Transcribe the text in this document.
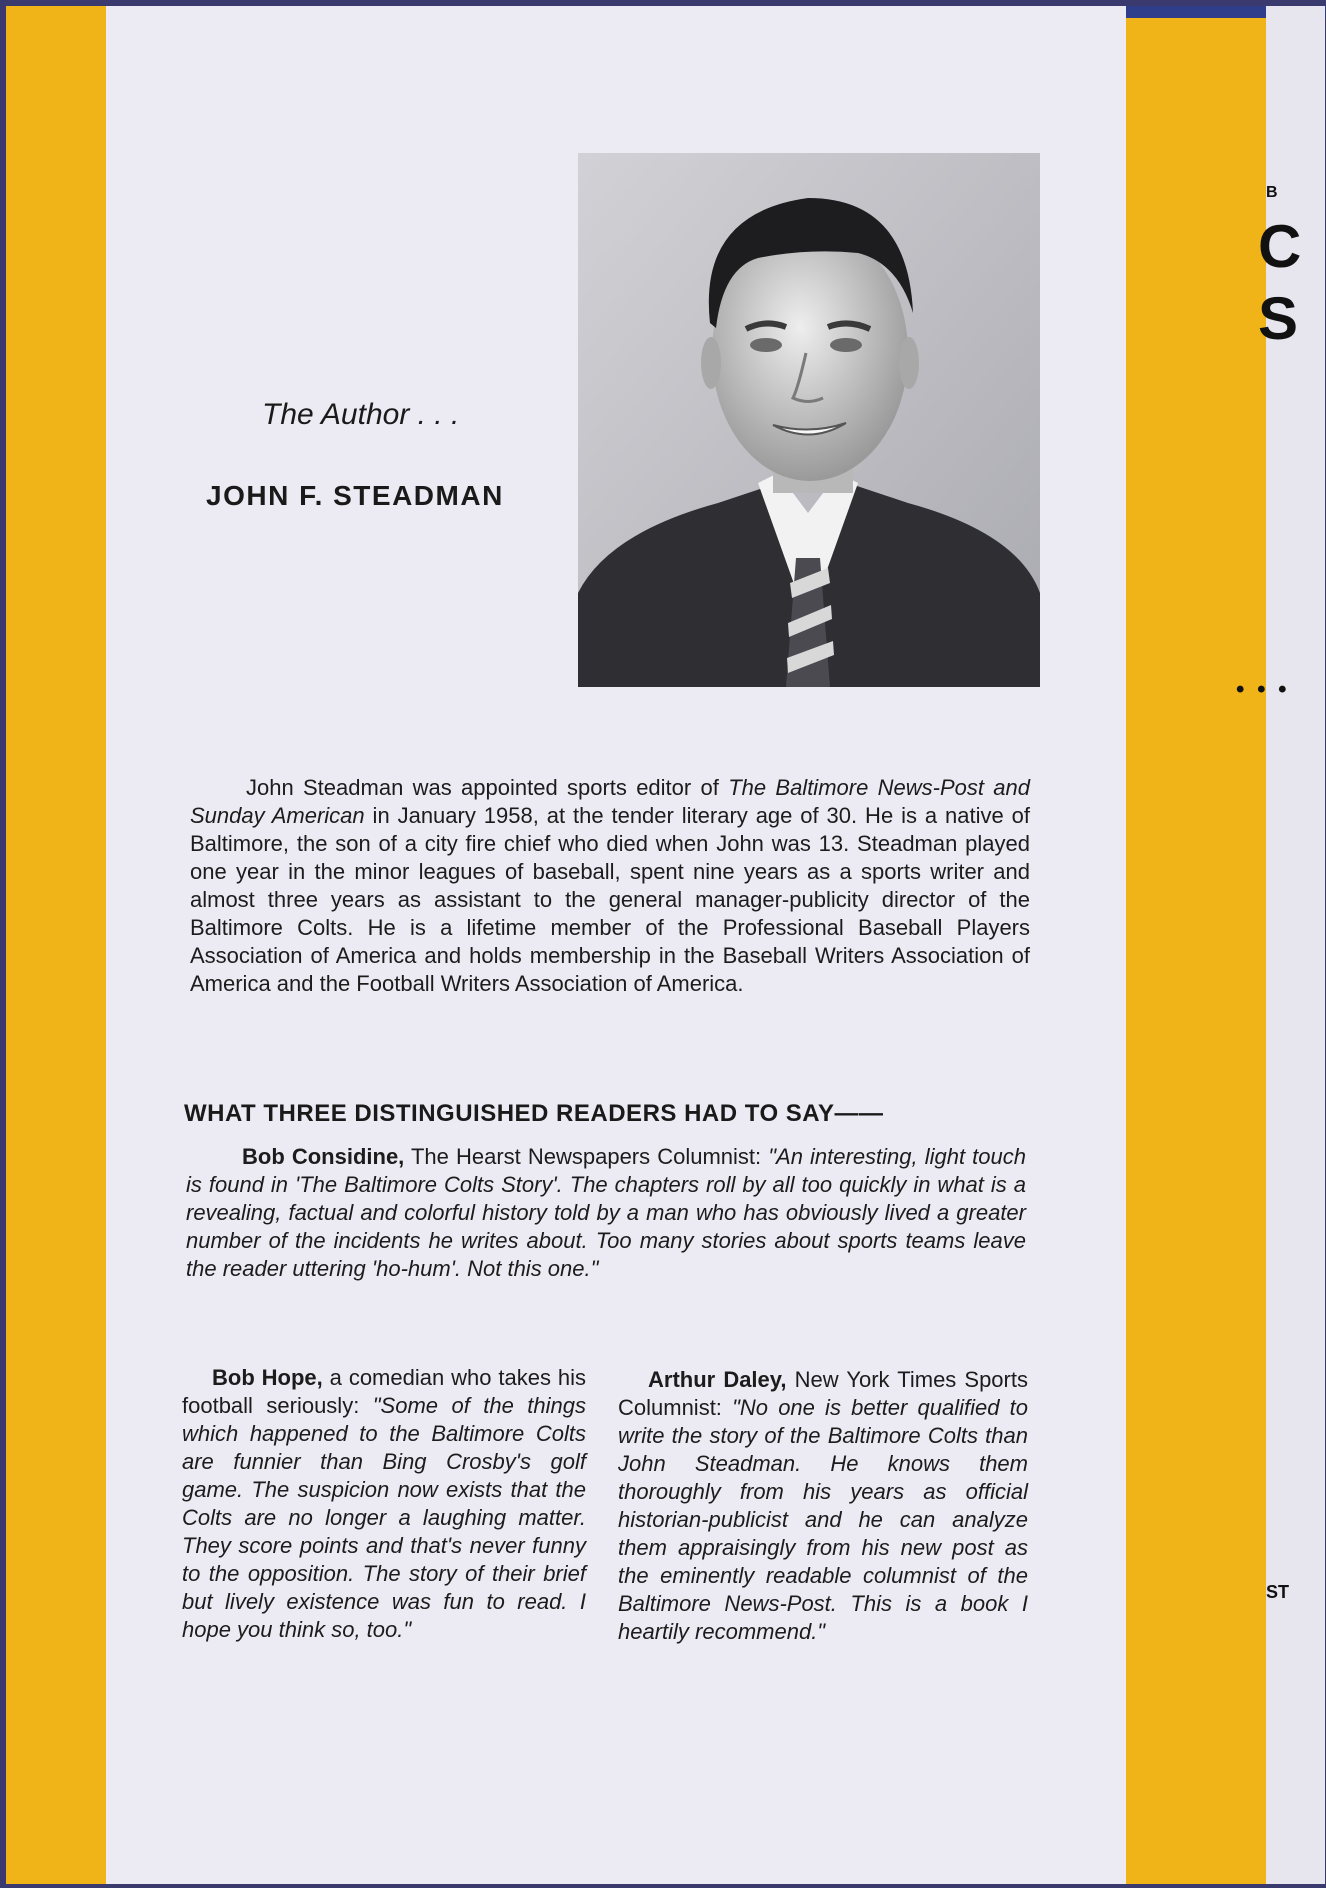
B
C
S
ST
• • •
The Author . . .
JOHN F. STEADMAN

John Steadman was appointed sports editor of The Baltimore News-Post and Sunday American in January 1958, at the tender literary age of 30. He is a native of Baltimore, the son of a city fire chief who died when John was 13. Steadman played one year in the minor leagues of baseball, spent nine years as a sports writer and almost three years as assistant to the general manager-publicity director of the Baltimore Colts. He is a lifetime member of the Professional Baseball Players Association of America and holds membership in the Baseball Writers Association of America and the Football Writers Association of America.

WHAT THREE DISTINGUISHED READERS HAD TO SAY——
Bob Considine, The Hearst Newspapers Columnist: "An interesting, light touch is found in 'The Baltimore Colts Story'. The chapters roll by all too quickly in what is a revealing, factual and colorful history told by a man who has obviously lived a greater number of the incidents he writes about. Too many stories about sports teams leave the reader uttering 'ho-hum'. Not this one."
Bob Hope, a comedian who takes his football seriously: "Some of the things which happened to the Baltimore Colts are funnier than Bing Crosby's golf game. The suspicion now exists that the Colts are no longer a laughing matter. They score points and that's never funny to the opposition. The story of their brief but lively existence was fun to read. I hope you think so, too."
Arthur Daley, New York Times Sports Columnist: "No one is better qualified to write the story of the Baltimore Colts than John Steadman. He knows them thoroughly from his years as official historian-publicist and he can analyze them appraisingly from his new post as the eminently readable columnist of the Baltimore News-Post. This is a book I heartily recommend."
